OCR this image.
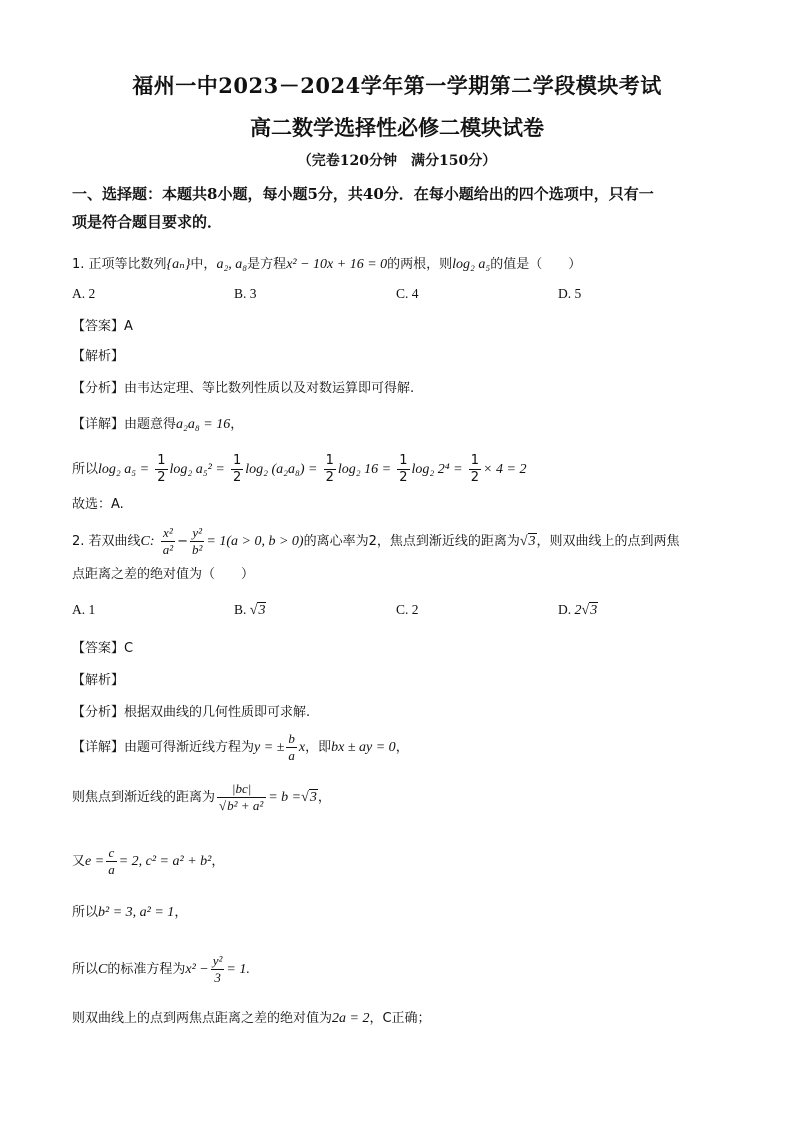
福州一中2023－2024学年第一学期第二学段模块考试
高二数学选择性必修二模块试卷
（完卷120分钟　满分150分）
一、选择题：本题共8小题，每小题5分，共40分．在每小题给出的四个选项中，只有一
项是符合题目要求的．
1. 正项等比数列{aₙ}中，a₂, a₈是方程x² − 10x + 16 = 0的两根，则log₂ a₅的值是（　　）
A. 2	B. 3	C. 4	D. 5
【答案】A
【解析】
【分析】由韦达定理、等比数列性质以及对数运算即可得解.
【详解】由题意得a₂a₈ = 16，
所以log₂ $a_5 = \frac{1}{2} \log_2$ $a_5^2 = \frac{1}{2} \log_2$ $(a_2a_8) = \frac{1}{2} \log_2$ $16 = \frac{1}{2} \log_2$ $2^4 = \frac{1}{2} \times 4 = 2$
故选：A.
2. 若双曲线C: $\frac{\text{x²}}{\text{a²}} - \frac{\text{y²}}{\text{b²}} = 1(a > 0$, b > 0)的离心率为2，焦点到渐近线的距离为√3，则双曲线上的点到两焦
点距离之差的绝对值为（　　）
A. 1	B. √3	C. 2	D. 2√3
【答案】C
【解析】
【分析】根据双曲线的几何性质即可求解.
【详解】由题可得渐近线方程为y = ± $\frac{b}{a}$ x，即bx ± ay = 0，
则焦点到渐近线的距离为 $\frac{|bc|}{\text{√b² + a²}} = b =√3$，
又$e = \frac{c}{a} = 2$, c² = a² + b²，
所以b² = 3, a² = 1，
所以C的标准方程为$x^2 - \frac{\text{y²}}{3} = 1$.
则双曲线上的点到两焦点距离之差的绝对值为2a = 2，C正确；
